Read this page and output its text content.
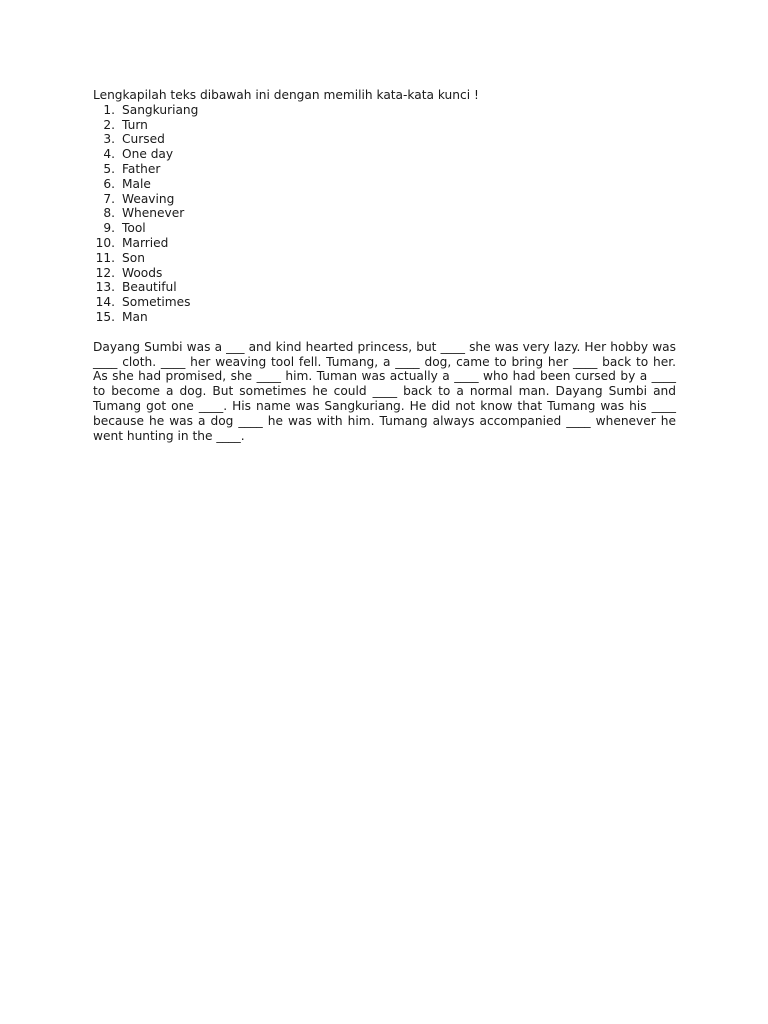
Lengkapilah teks dibawah ini dengan memilih kata-kata kunci !

1. Sangkuriang
2. Turn
3. Cursed
4. One day
5. Father
6. Male
7. Weaving
8. Whenever
9. Tool
10. Married
11. Son
12. Woods
13. Beautiful
14. Sometimes
15. Man

Dayang Sumbi was a ___ and kind hearted princess, but ____ she was very lazy. Her hobby was ____ cloth. ____ her weaving tool fell. Tumang, a ____ dog, came to bring her ____ back to her. As she had promised, she ____ him. Tuman was actually a ____ who had been cursed by a ____ to become a dog. But sometimes he could ____ back to a normal man. Dayang Sumbi and Tumang got one ____. His name was Sangkuriang. He did not know that Tumang was his ____ because he was a dog ____ he was with him. Tumang always accompanied ____ whenever he went hunting in the ____.
